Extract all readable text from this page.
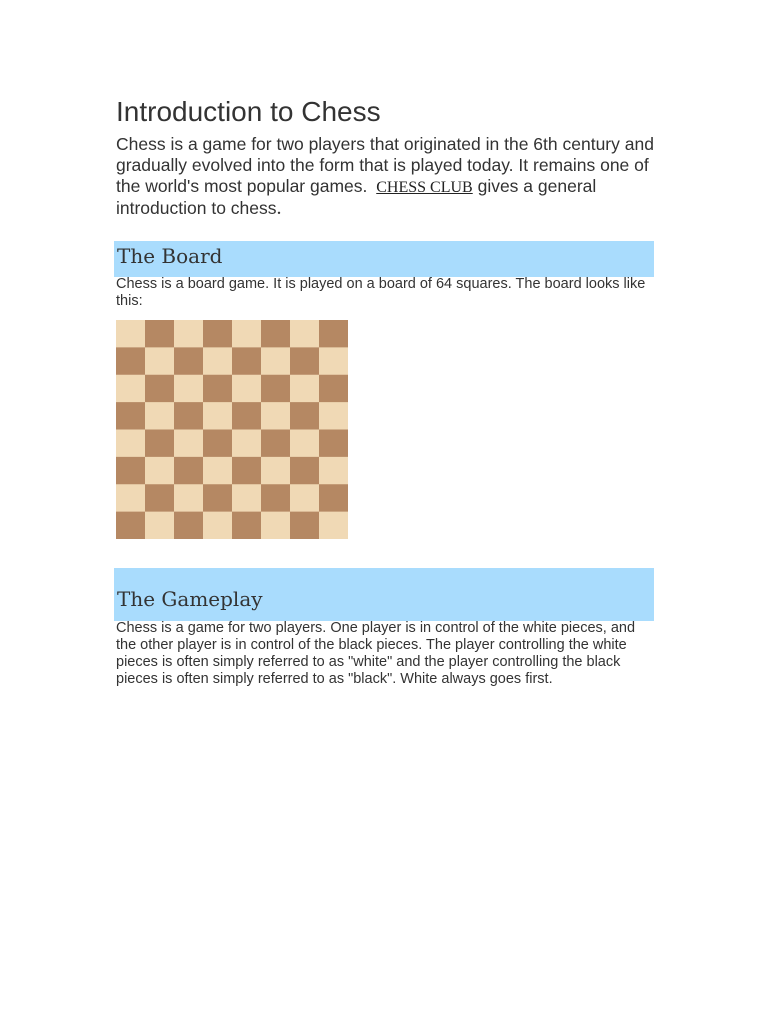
Introduction to Chess

Chess is a game for two players that originated in the 6th century and gradually evolved into the form that is played today. It remains one of the world's most popular games. CHESS CLUB gives a general introduction to chess.

The Board

Chess is a board game. It is played on a board of 64 squares. The board looks like this:

The Gameplay

Chess is a game for two players. One player is in control of the white pieces, and the other player is in control of the black pieces. The player controlling the white pieces is often simply referred to as "white" and the player controlling the black pieces is often simply referred to as "black". White always goes first.
